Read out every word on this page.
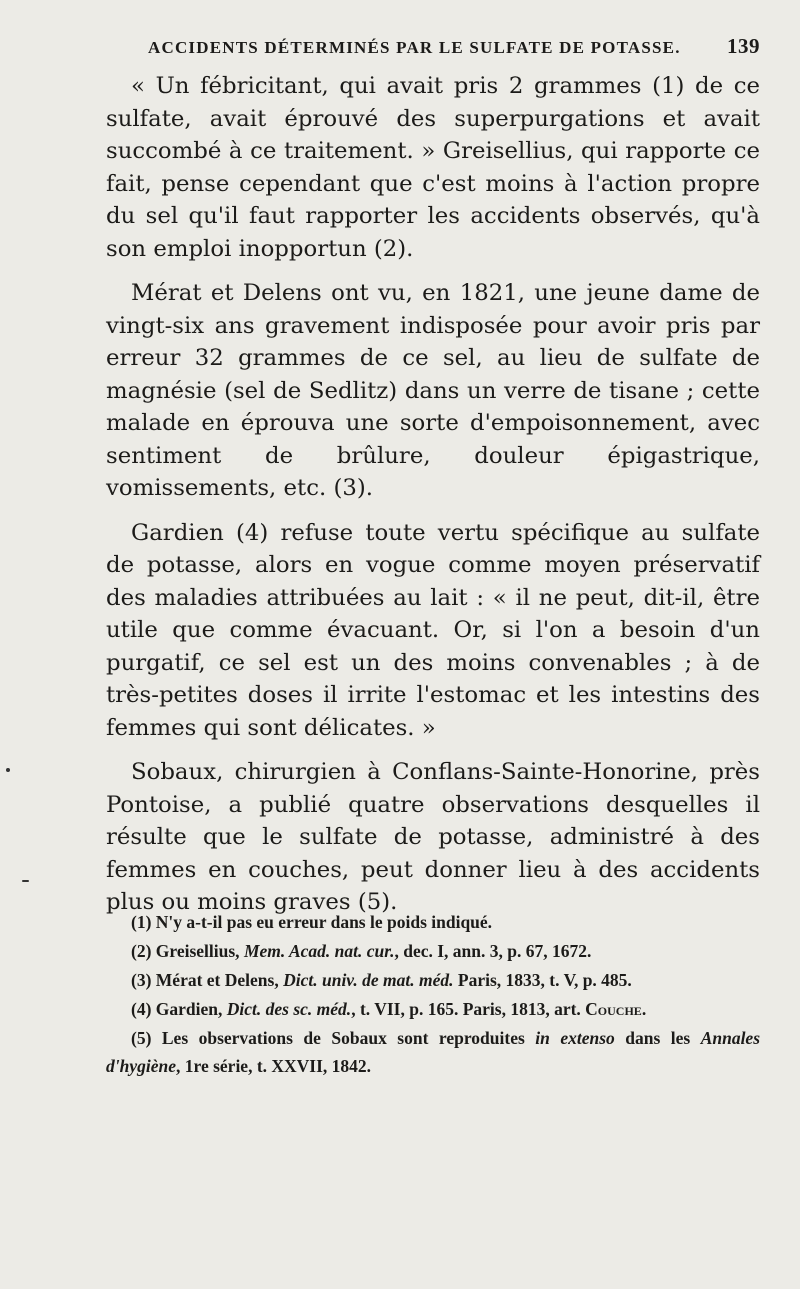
ACCIDENTS DÉTERMINÉS PAR LE SULFATE DE POTASSE. 139

« Un fébricitant, qui avait pris 2 grammes (1) de ce sulfate, avait éprouvé des superpurgations et avait succombé à ce traitement. » Greisellius, qui rapporte ce fait, pense cependant que c'est moins à l'action propre du sel qu'il faut rapporter les accidents observés, qu'à son emploi inopportun (2).

Mérat et Delens ont vu, en 1821, une jeune dame de vingt-six ans gravement indisposée pour avoir pris par erreur 32 grammes de ce sel, au lieu de sulfate de magnésie (sel de Sedlitz) dans un verre de tisane ; cette malade en éprouva une sorte d'empoisonnement, avec sentiment de brûlure, douleur épigastrique, vomissements, etc. (3).

Gardien (4) refuse toute vertu spécifique au sulfate de potasse, alors en vogue comme moyen préservatif des maladies attribuées au lait : « il ne peut, dit-il, être utile que comme évacuant. Or, si l'on a besoin d'un purgatif, ce sel est un des moins convenables ; à de très-petites doses il irrite l'estomac et les intestins des femmes qui sont délicates. »

Sobaux, chirurgien à Conflans-Sainte-Honorine, près Pontoise, a publié quatre observations desquelles il résulte que le sulfate de potasse, administré à des femmes en couches, peut donner lieu à des accidents plus ou moins graves (5).

(1) N'y a-t-il pas eu erreur dans le poids indiqué.

(2) Greisellius, Mem. Acad. nat. cur., dec. I, ann. 3, p. 67, 1672.

(3) Mérat et Delens, Dict. univ. de mat. méd. Paris, 1833, t. V, p. 485.

(4) Gardien, Dict. des sc. méd., t. VII, p. 165. Paris, 1813, art. Couche.

(5) Les observations de Sobaux sont reproduites in extenso dans les Annales d'hygiène, 1re série, t. XXVII, 1842.
